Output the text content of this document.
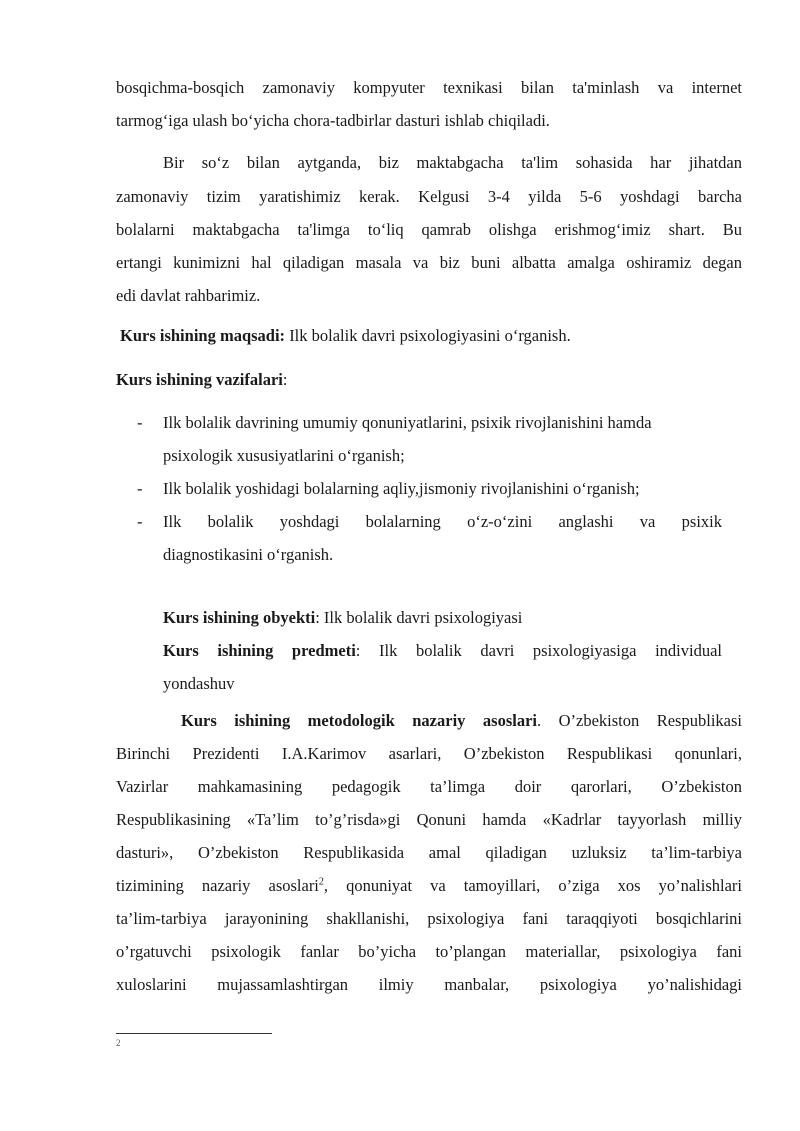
bosqichma-bosqich zamonaviy kompyuter texnikasi bilan ta'minlash va internet

tarmog‘iga ulash bo‘yicha chora-tadbirlar dasturi ishlab chiqiladi.

Bir so‘z bilan aytganda, biz maktabgacha ta'lim sohasida har jihatdan

zamonaviy tizim yaratishimiz kerak. Kelgusi 3-4 yilda 5-6 yoshdagi barcha

bolalarni maktabgacha ta'limga to‘liq qamrab olishga erishmog‘imiz shart. Bu

ertangi kunimizni hal qiladigan masala va biz buni albatta amalga oshiramiz degan

edi davlat rahbarimiz.

Kurs ishining maqsadi: Ilk bolalik davri psixologiyasini o‘rganish.

Kurs ishining vazifalari:

- Ilk bolalik davrining umumiy qonuniyatlarini, psixik rivojlanishini hamda

psixologik xususiyatlarini o‘rganish;

- Ilk bolalik yoshidagi bolalarning aqliy,jismoniy rivojlanishini o‘rganish;

- Ilk bolalik yoshdagi bolalarning o‘z-o‘zini anglashi va psixik

diagnostikasini o‘rganish.

Kurs ishining obyekti: Ilk bolalik davri psixologiyasi

Kurs ishining predmeti: Ilk bolalik davri psixologiyasiga individual

yondashuv

Kurs ishining metodologik nazariy asoslari. O’zbekiston Respublikasi

Birinchi Prezidenti I.A.Karimov asarlari, O’zbekiston Respublikasi qonunlari,

Vazirlar mahkamasining pedagogik ta’limga doir qarorlari, O’zbekiston

Respublikasining «Ta’lim to’g’risda»gi Qonuni hamda «Kadrlar tayyorlash milliy

dasturi», O’zbekiston Respublikasida amal qiladigan uzluksiz ta’lim-tarbiya

tizimining nazariy asoslari$^2$, qonuniyat va tamoyillari, o’ziga xos yo’nalishlari

ta’lim-tarbiya jarayonining shakllanishi, psixologiya fani taraqqiyoti bosqichlarini

o’rgatuvchi psixologik fanlar bo’yicha to’plangan materiallar, psixologiya fani

xuloslarini mujassamlashtirgan ilmiy manbalar, psixologiya yo’nalishidagi

2
